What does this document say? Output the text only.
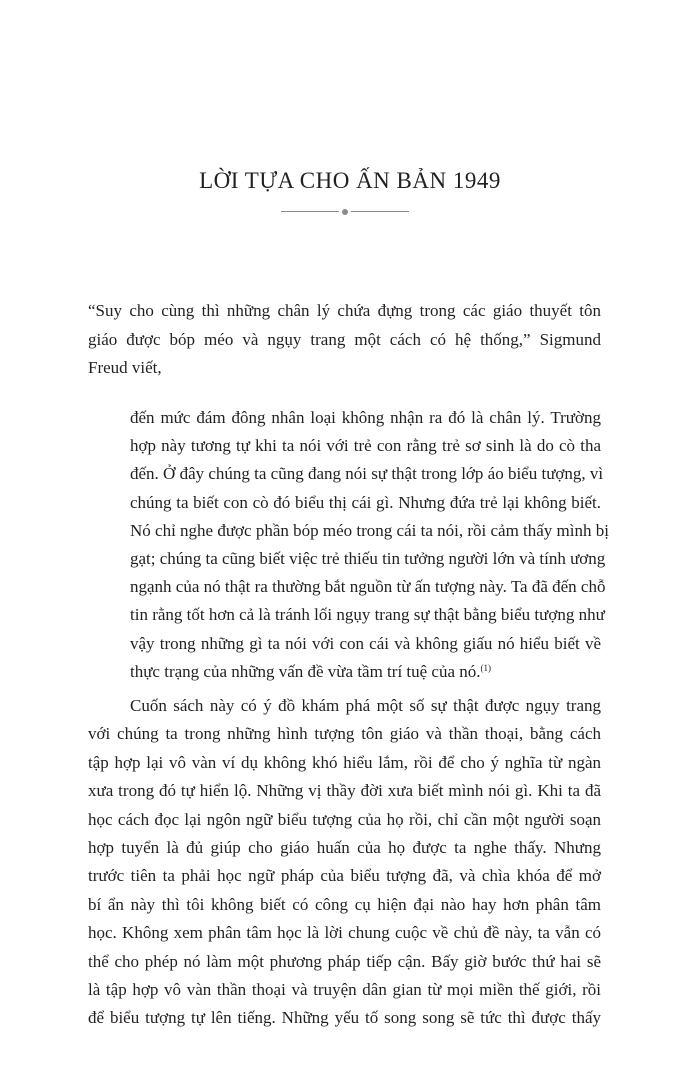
LỜI TỰA CHO ẤN BẢN 1949

“Suy cho cùng thì những chân lý chứa đựng trong các giáo thuyết tôn
giáo được bóp méo và ngụy trang một cách có hệ thống,” Sigmund
Freud viết,

đến mức đám đông nhân loại không nhận ra đó là chân lý. Trường
hợp này tương tự khi ta nói với trẻ con rằng trẻ sơ sinh là do cò tha
đến. Ở đây chúng ta cũng đang nói sự thật trong lớp áo biểu tượng, vì
chúng ta biết con cò đó biểu thị cái gì. Nhưng đứa trẻ lại không biết.
Nó chỉ nghe được phần bóp méo trong cái ta nói, rồi cảm thấy mình bị
gạt; chúng ta cũng biết việc trẻ thiếu tin tưởng người lớn và tính ương
ngạnh của nó thật ra thường bắt nguồn từ ấn tượng này. Ta đã đến chỗ
tin rằng tốt hơn cả là tránh lối ngụy trang sự thật bằng biểu tượng như
vậy trong những gì ta nói với con cái và không giấu nó hiểu biết về
thực trạng của những vấn đề vừa tầm trí tuệ của nó.$^{(1)}$

Cuốn sách này có ý đồ khám phá một số sự thật được ngụy trang
với chúng ta trong những hình tượng tôn giáo và thần thoại, bằng cách
tập hợp lại vô vàn ví dụ không khó hiểu lắm, rồi để cho ý nghĩa từ ngàn
xưa trong đó tự hiển lộ. Những vị thầy đời xưa biết mình nói gì. Khi ta đã
học cách đọc lại ngôn ngữ biểu tượng của họ rồi, chỉ cần một người soạn
hợp tuyển là đủ giúp cho giáo huấn của họ được ta nghe thấy. Nhưng
trước tiên ta phải học ngữ pháp của biểu tượng đã, và chìa khóa để mở
bí ẩn này thì tôi không biết có công cụ hiện đại nào hay hơn phân tâm
học. Không xem phân tâm học là lời chung cuộc về chủ đề này, ta vẫn có
thể cho phép nó làm một phương pháp tiếp cận. Bấy giờ bước thứ hai sẽ
là tập hợp vô vàn thần thoại và truyện dân gian từ mọi miền thế giới, rồi
để biểu tượng tự lên tiếng. Những yếu tố song song sẽ tức thì được thấy
